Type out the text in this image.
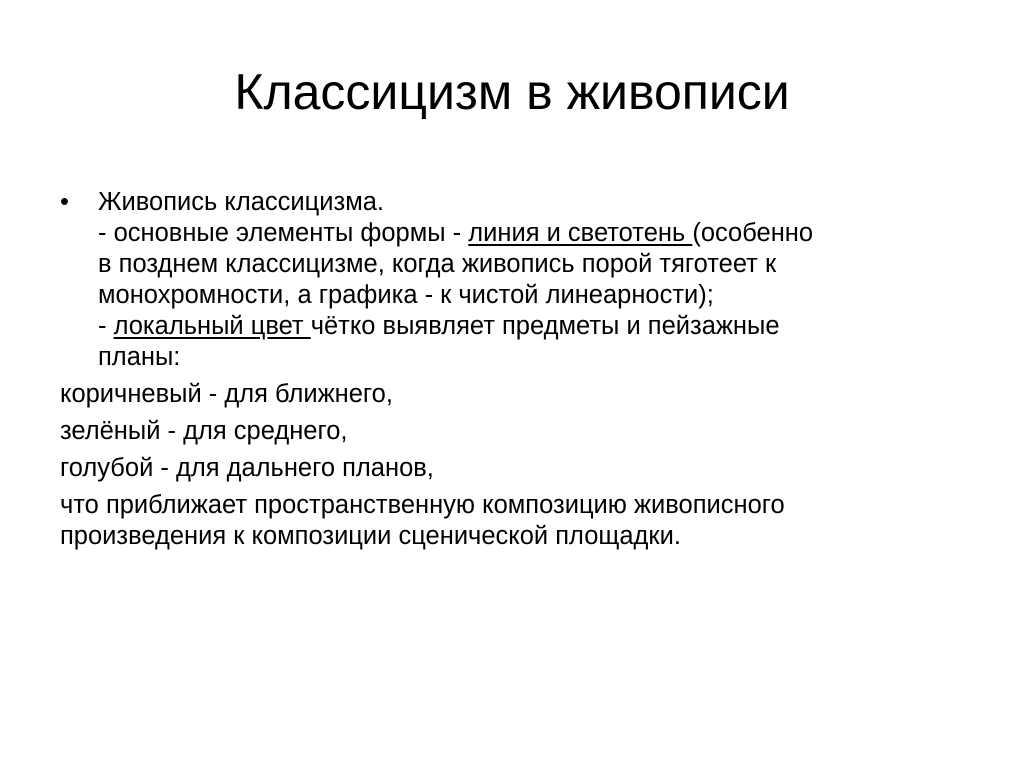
Классицизм в живописи
•	Живопись классицизма.
- основные элементы формы - линия и светотень (особенно
в позднем классицизме, когда живопись порой тяготеет к
монохромности, а графика - к чистой линеарности);
- локальный цвет чётко выявляет предметы и пейзажные
планы:
коричневый - для ближнего,
зелёный - для среднего,
голубой - для дальнего планов,
что приближает пространственную композицию живописного
произведения к композиции сценической площадки.
